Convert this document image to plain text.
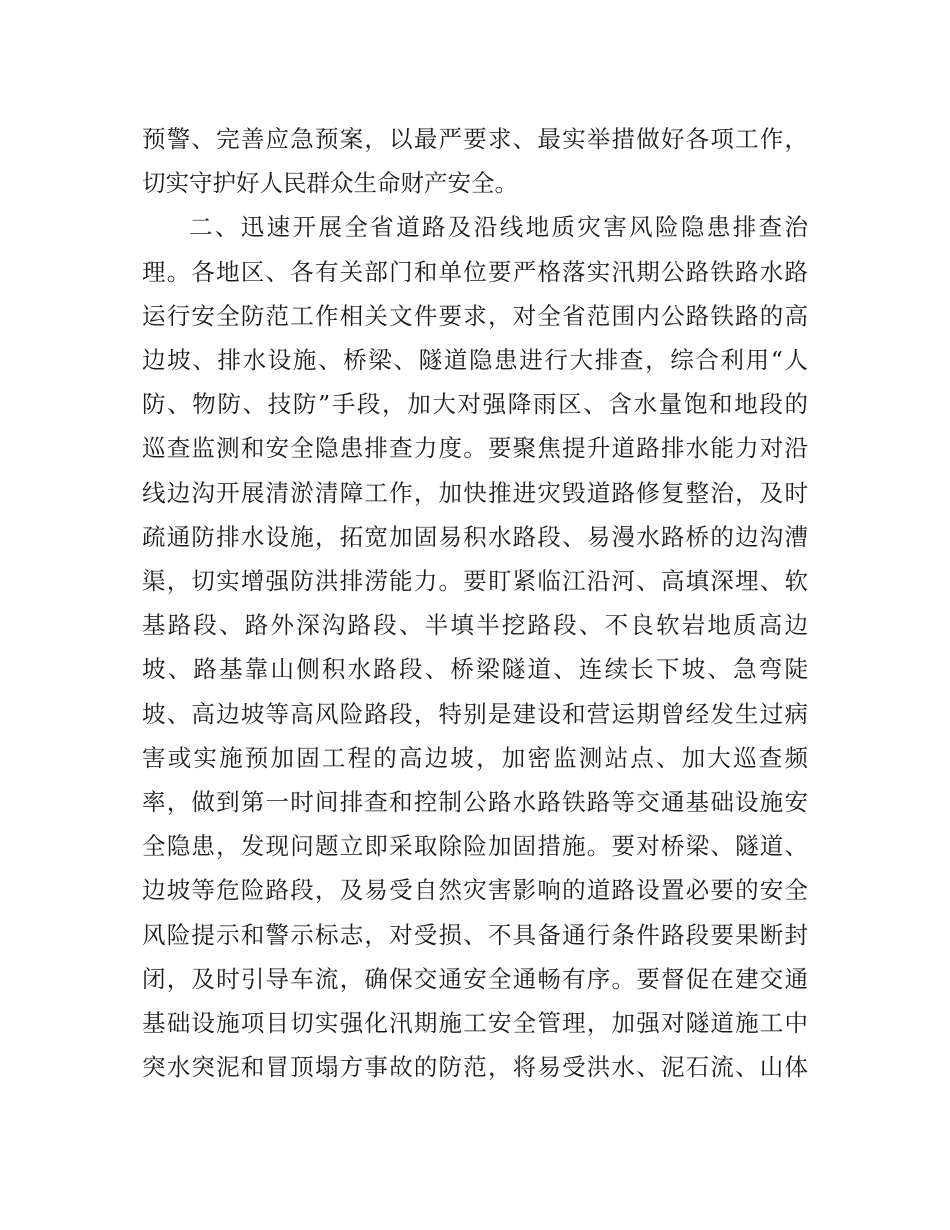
预警、完善应急预案，以最严要求、最实举措做好各项工作，
切实守护好人民群众生命财产安全。
二、迅速开展全省道路及沿线地质灾害风险隐患排查治
理。各地区、各有关部门和单位要严格落实汛期公路铁路水路
运行安全防范工作相关文件要求，对全省范围内公路铁路的高
边坡、排水设施、桥梁、隧道隐患进行大排查，综合利用“人
防、物防、技防”手段，加大对强降雨区、含水量饱和地段的
巡查监测和安全隐患排查力度。要聚焦提升道路排水能力对沿
线边沟开展清淤清障工作，加快推进灾毁道路修复整治，及时
疏通防排水设施，拓宽加固易积水路段、易漫水路桥的边沟漕
渠，切实增强防洪排涝能力。要盯紧临江沿河、高填深埋、软
基路段、路外深沟路段、半填半挖路段、不良软岩地质高边
坡、路基靠山侧积水路段、桥梁隧道、连续长下坡、急弯陡
坡、高边坡等高风险路段，特别是建设和营运期曾经发生过病
害或实施预加固工程的高边坡，加密监测站点、加大巡查频
率，做到第一时间排查和控制公路水路铁路等交通基础设施安
全隐患，发现问题立即采取除险加固措施。要对桥梁、隧道、
边坡等危险路段，及易受自然灾害影响的道路设置必要的安全
风险提示和警示标志，对受损、不具备通行条件路段要果断封
闭，及时引导车流，确保交通安全通畅有序。要督促在建交通
基础设施项目切实强化汛期施工安全管理，加强对隧道施工中
突水突泥和冒顶塌方事故的防范，将易受洪水、泥石流、山体
